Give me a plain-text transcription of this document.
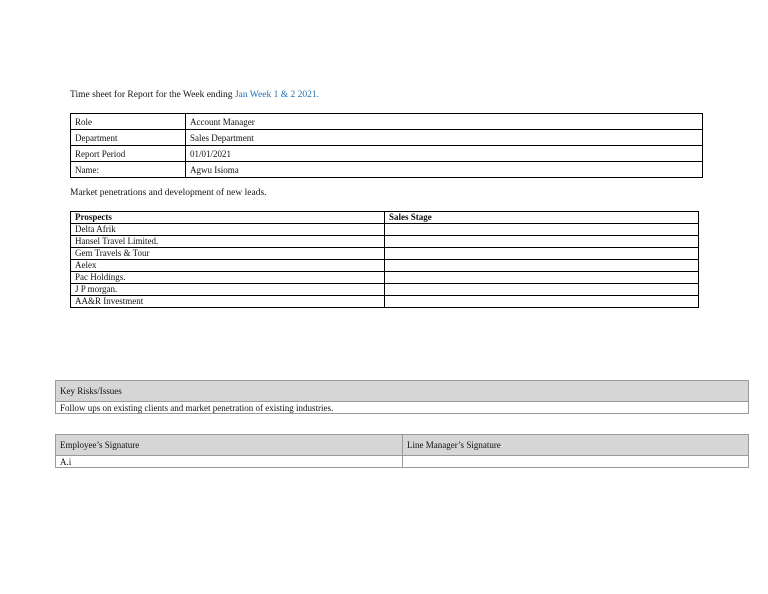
Time sheet for Report for the Week ending Jan Week 1 & 2 2021.
Role	Account Manager
Department	Sales Department
Report Period	01/01/2021
Name:	Agwu Isioma
Market penetrations and development of new leads.
Prospects	Sales Stage
Delta Afrik	
Hansel Travel Limited.	
Gem Travels & Tour	
Aelex	
Pac Holdings.	
J P morgan.	
AA&R Investment	
Key Risks/Issues
Follow ups on existing clients and market penetration of existing industries.
Employee’s Signature	Line Manager’s Signature
A.i	
